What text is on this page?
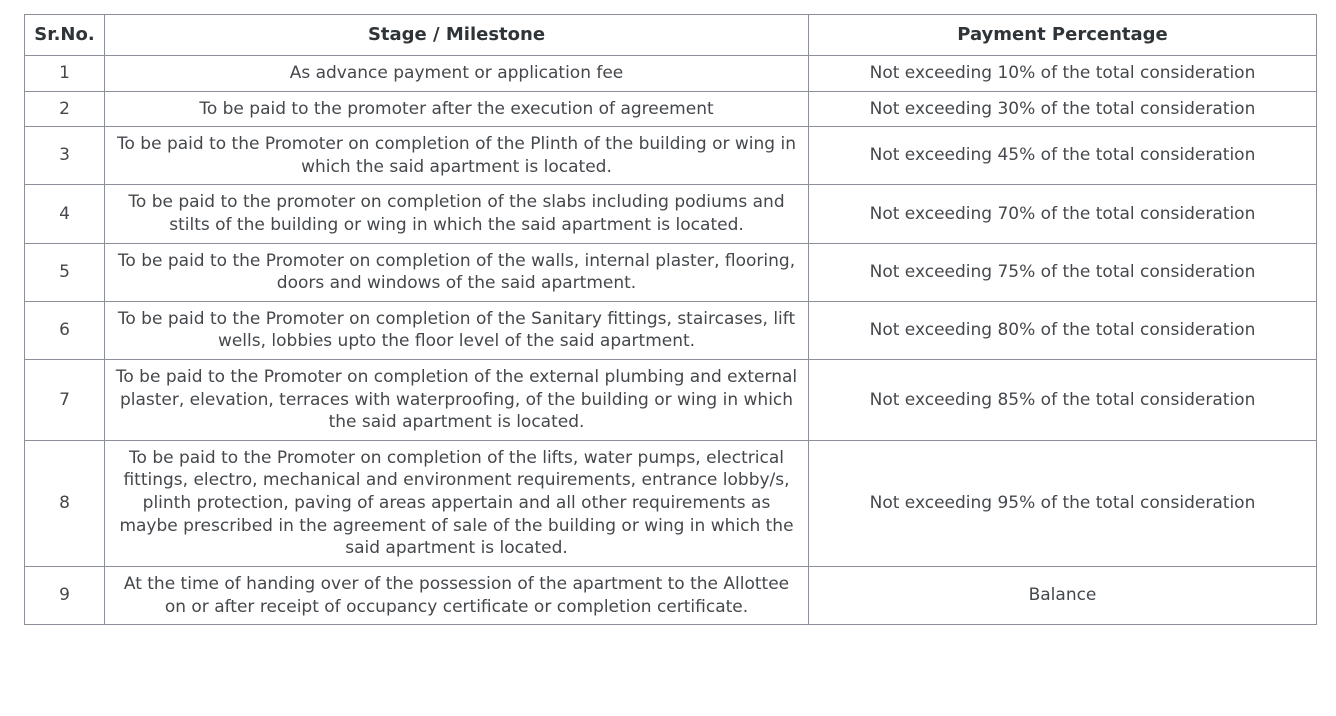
Sr.No.	Stage / Milestone	Payment Percentage
1	As advance payment or application fee	Not exceeding 10% of the total consideration
2	To be paid to the promoter after the execution of agreement	Not exceeding 30% of the total consideration
3	To be paid to the Promoter on completion of the Plinth of the building or wing in which the said apartment is located.	Not exceeding 45% of the total consideration
4	To be paid to the promoter on completion of the slabs including podiums and stilts of the building or wing in which the said apartment is located.	Not exceeding 70% of the total consideration
5	To be paid to the Promoter on completion of the walls, internal plaster, flooring, doors and windows of the said apartment.	Not exceeding 75% of the total consideration
6	To be paid to the Promoter on completion of the Sanitary fittings, staircases, lift wells, lobbies upto the floor level of the said apartment.	Not exceeding 80% of the total consideration
7	To be paid to the Promoter on completion of the external plumbing and external plaster, elevation, terraces with waterproofing, of the building or wing in which the said apartment is located.	Not exceeding 85% of the total consideration
8	To be paid to the Promoter on completion of the lifts, water pumps, electrical fittings, electro, mechanical and environment requirements, entrance lobby/s, plinth protection, paving of areas appertain and all other requirements as maybe prescribed in the agreement of sale of the building or wing in which the said apartment is located.	Not exceeding 95% of the total consideration
9	At the time of handing over of the possession of the apartment to the Allottee on or after receipt of occupancy certificate or completion certificate.	Balance
